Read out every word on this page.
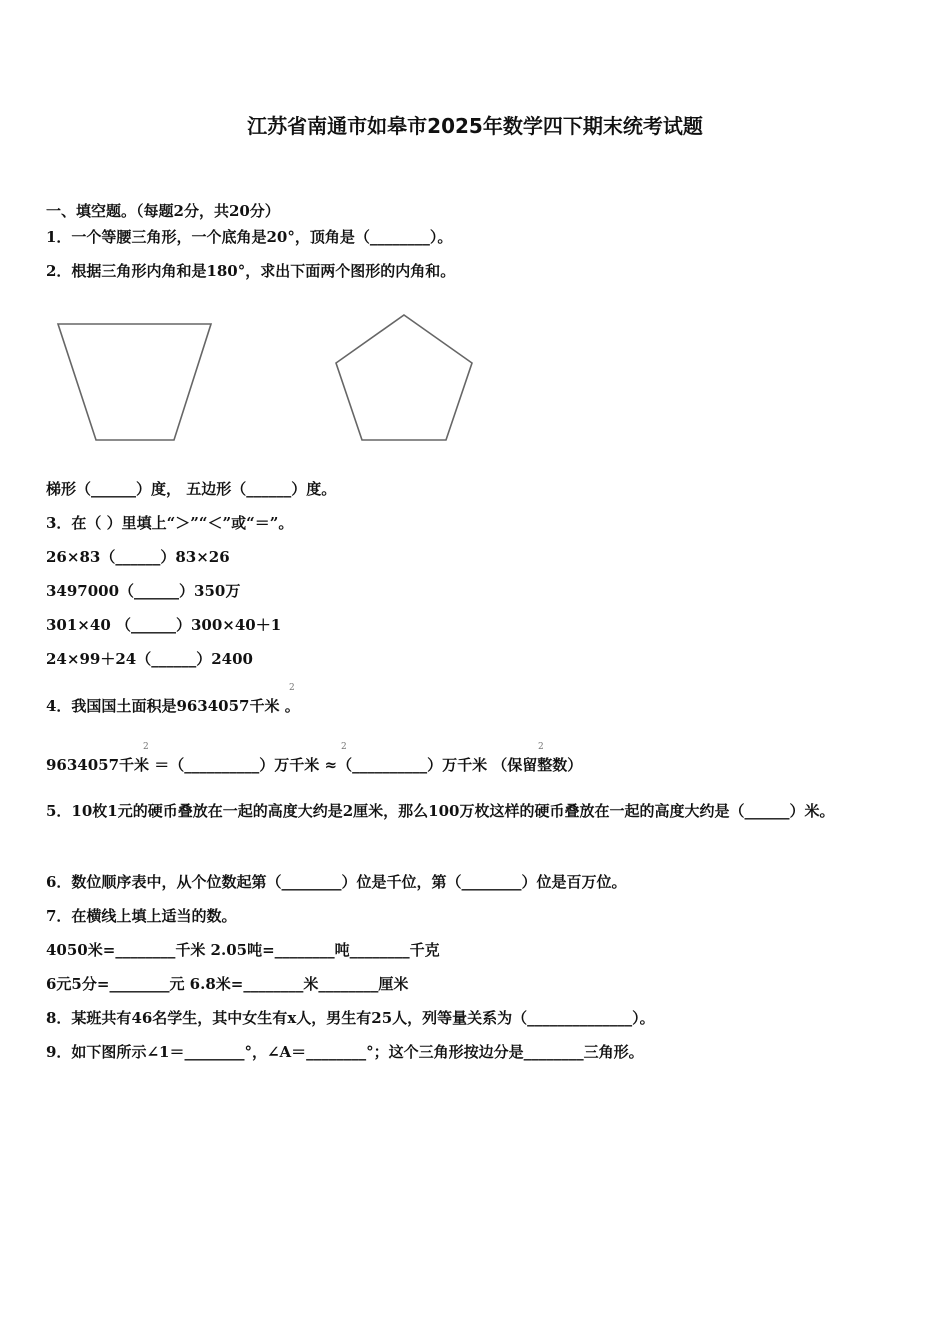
江苏省南通市如皋市2025年数学四下期末统考试题
一、填空题。（每题2分，共20分）
1．一个等腰三角形，一个底角是20°，顶角是（________）。
2．根据三角形内角和是180°，求出下面两个图形的内角和。
梯形（______）度， 五边形（______）度。
3．在（ ）里填上“＞”“＜”或“＝”。
26×83（______）83×26
3497000（______）350万
301×40 （______）300×40＋1
24×99＋24（______）2400
4．我国国土面积是9634057千米 。
2
9634057千米 ＝（__________）万千米 ≈（__________）万千米 （保留整数）
2	2	2
5．10枚1元的硬币叠放在一起的高度大约是2厘米，那么100万枚这样的硬币叠放在一起的高度大约是（______）米。
6．数位顺序表中，从个位数起第（________）位是千位，第（________）位是百万位。
7．在横线上填上适当的数。
4050米=________千米 2.05吨=________吨________千克
6元5分=________元 6.8米=________米________厘米
8．某班共有46名学生，其中女生有x人，男生有25人，列等量关系为（______________）。
9．如下图所示∠1＝________°，∠A＝________°；这个三角形按边分是________三角形。
